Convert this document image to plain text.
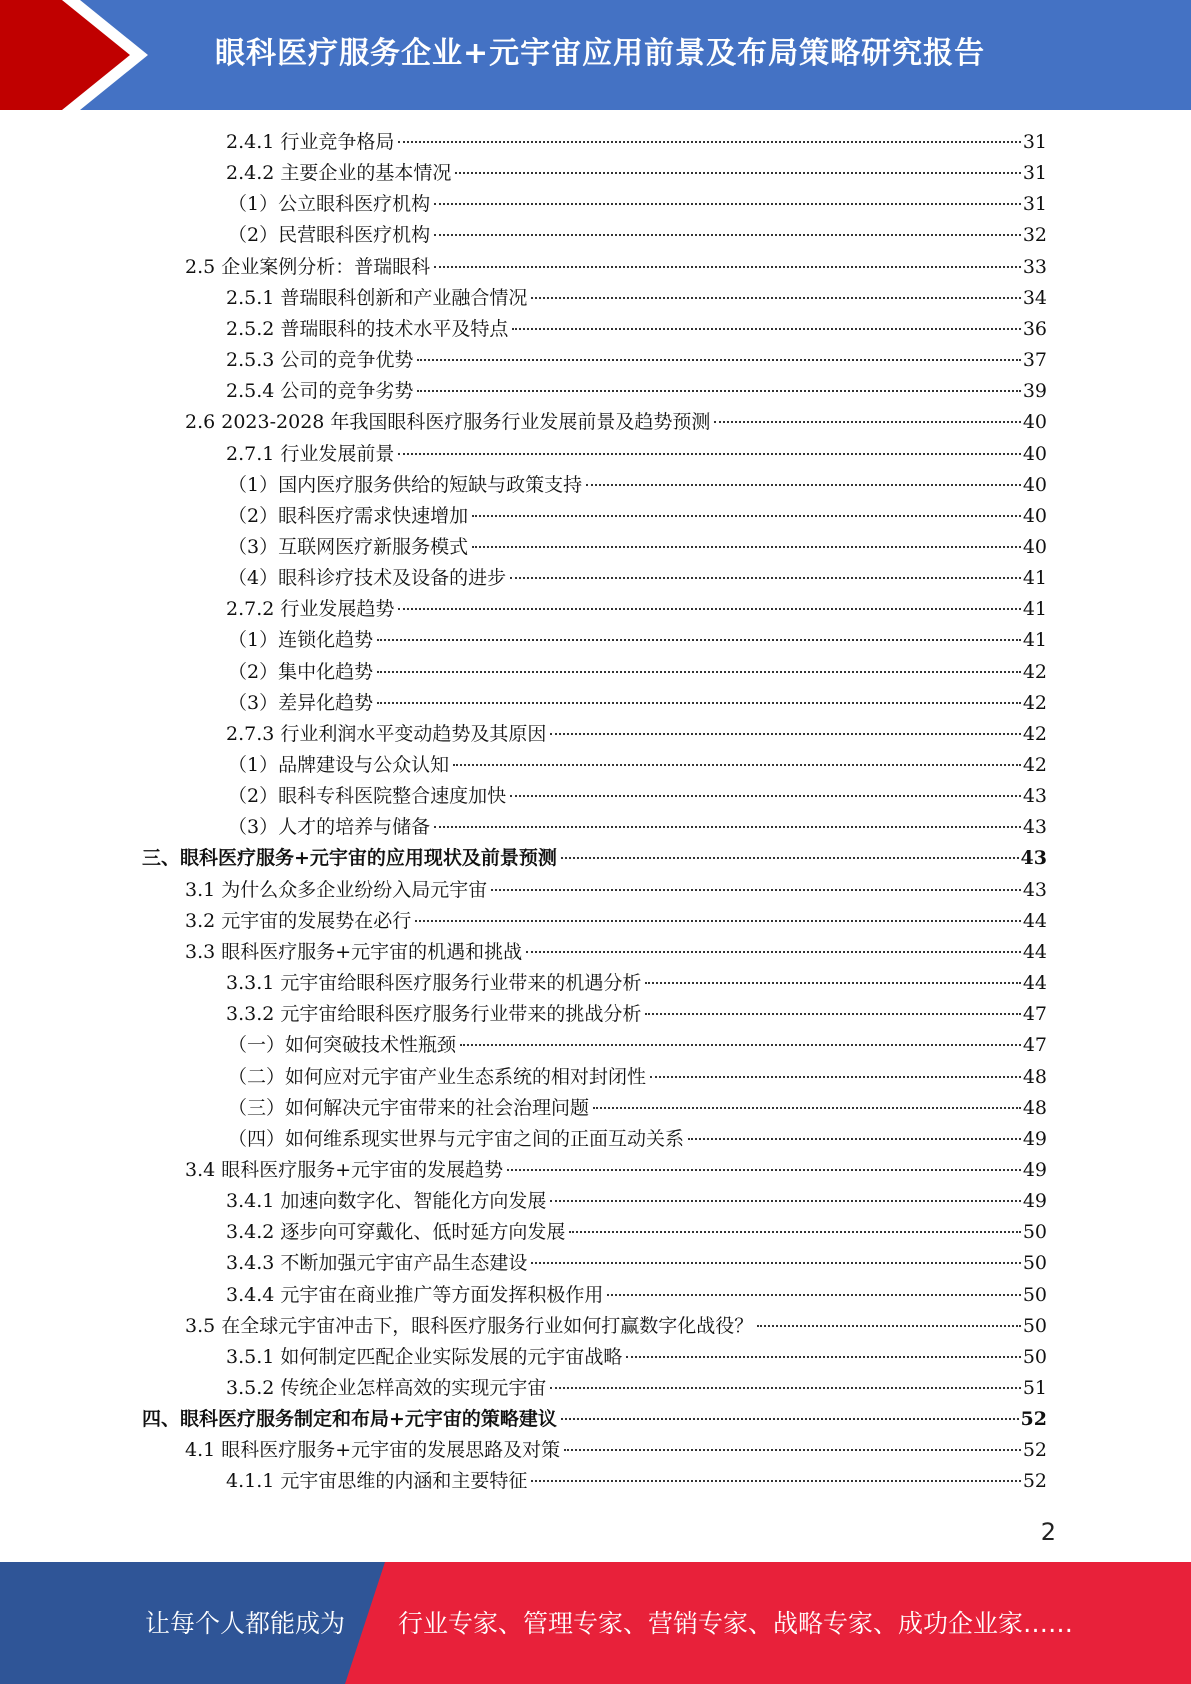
眼科医疗服务企业+元宇宙应用前景及布局策略研究报告
2.4.1 行业竞争格局	31
2.4.2 主要企业的基本情况	31
（1）公立眼科医疗机构	31
（2）民营眼科医疗机构	32
2.5 企业案例分析：普瑞眼科	33
2.5.1 普瑞眼科创新和产业融合情况	34
2.5.2 普瑞眼科的技术水平及特点	36
2.5.3 公司的竞争优势	37
2.5.4 公司的竞争劣势	39
2.6 2023-2028 年我国眼科医疗服务行业发展前景及趋势预测	40
2.7.1 行业发展前景	40
（1）国内医疗服务供给的短缺与政策支持	40
（2）眼科医疗需求快速增加	40
（3）互联网医疗新服务模式	40
（4）眼科诊疗技术及设备的进步	41
2.7.2 行业发展趋势	41
（1）连锁化趋势	41
（2）集中化趋势	42
（3）差异化趋势	42
2.7.3 行业利润水平变动趋势及其原因	42
（1）品牌建设与公众认知	42
（2）眼科专科医院整合速度加快	43
（3）人才的培养与储备	43
三、眼科医疗服务+元宇宙的应用现状及前景预测	43
3.1 为什么众多企业纷纷入局元宇宙	43
3.2 元宇宙的发展势在必行	44
3.3 眼科医疗服务+元宇宙的机遇和挑战	44
3.3.1 元宇宙给眼科医疗服务行业带来的机遇分析	44
3.3.2 元宇宙给眼科医疗服务行业带来的挑战分析	47
（一）如何突破技术性瓶颈	47
（二）如何应对元宇宙产业生态系统的相对封闭性	48
（三）如何解决元宇宙带来的社会治理问题	48
（四）如何维系现实世界与元宇宙之间的正面互动关系	49
3.4 眼科医疗服务+元宇宙的发展趋势	49
3.4.1 加速向数字化、智能化方向发展	49
3.4.2 逐步向可穿戴化、低时延方向发展	50
3.4.3 不断加强元宇宙产品生态建设	50
3.4.4 元宇宙在商业推广等方面发挥积极作用	50
3.5 在全球元宇宙冲击下，眼科医疗服务行业如何打赢数字化战役？	50
3.5.1 如何制定匹配企业实际发展的元宇宙战略	50
3.5.2 传统企业怎样高效的实现元宇宙	51
四、眼科医疗服务制定和布局+元宇宙的策略建议	52
4.1 眼科医疗服务+元宇宙的发展思路及对策	52
4.1.1 元宇宙思维的内涵和主要特征	52
2
让每个人都能成为 行业专家、管理专家、营销专家、战略专家、成功企业家……
